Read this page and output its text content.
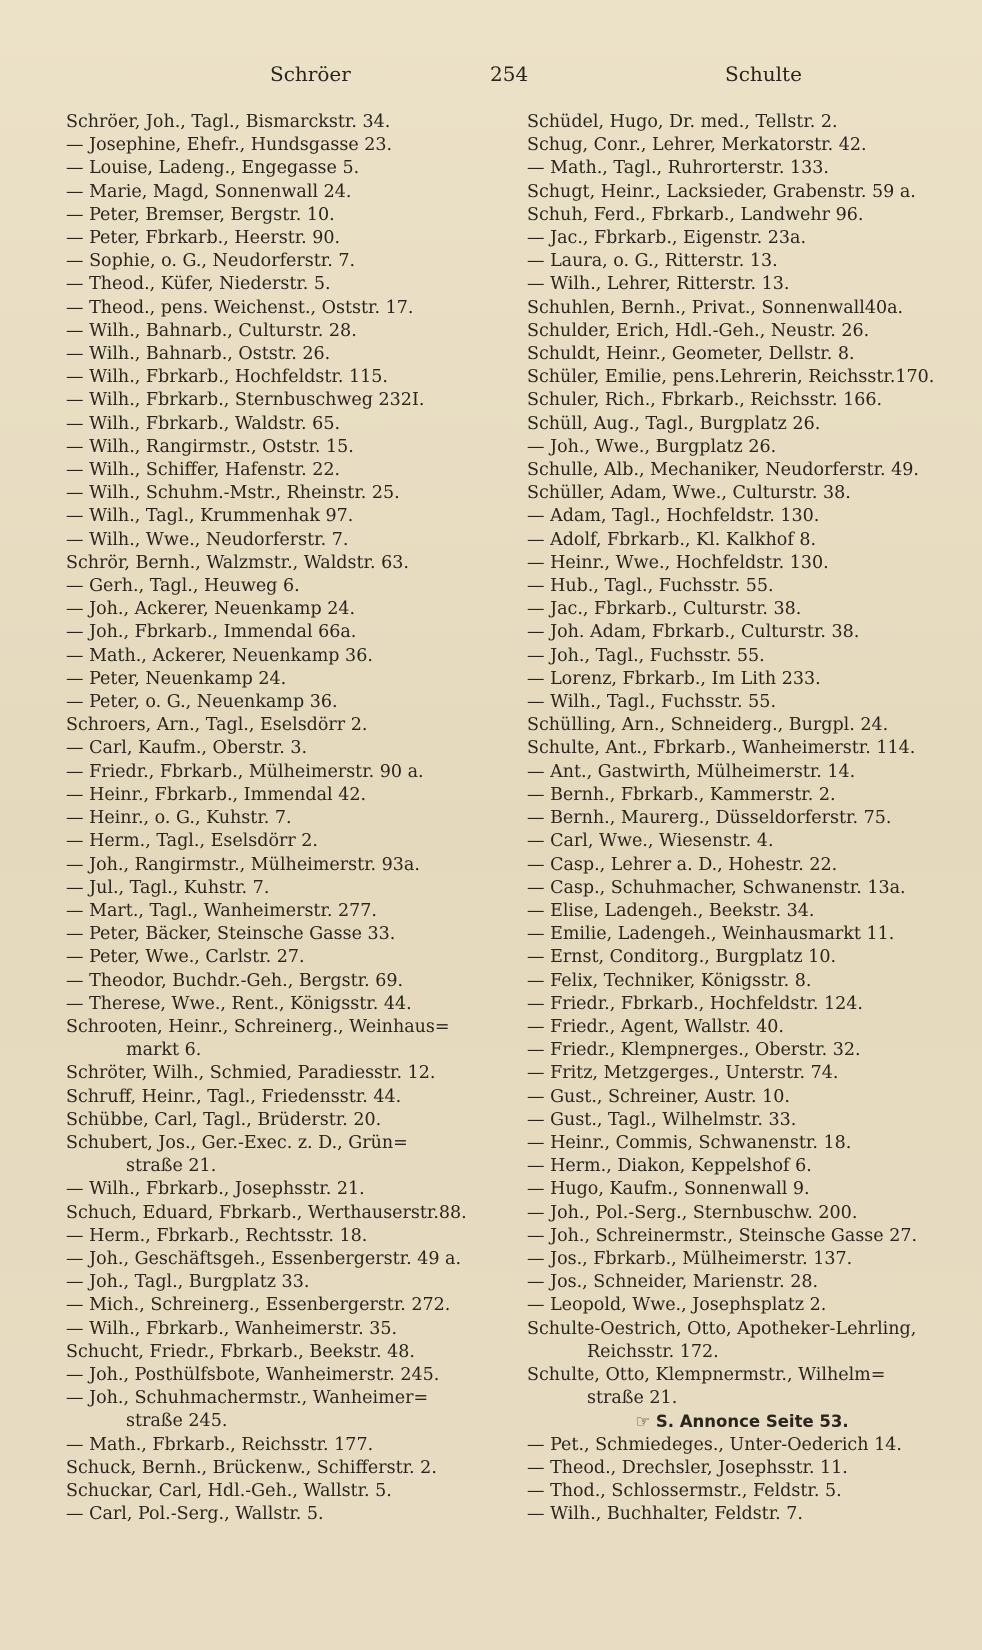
Schröer	254	Schulte
Schröer, Joh., Tagl., Bismarckstr. 34.
— Josephine, Ehefr., Hundsgasse 23.
— Louise, Ladeng., Engegasse 5.
— Marie, Magd, Sonnenwall 24.
— Peter, Bremser, Bergstr. 10.
— Peter, Fbrkarb., Heerstr. 90.
— Sophie, o. G., Neudorferstr. 7.
— Theod., Küfer, Niederstr. 5.
— Theod., pens. Weichenst., Oststr. 17.
— Wilh., Bahnarb., Culturstr. 28.
— Wilh., Bahnarb., Oststr. 26.
— Wilh., Fbrkarb., Hochfeldstr. 115.
— Wilh., Fbrkarb., Sternbuschweg 232I.
— Wilh., Fbrkarb., Waldstr. 65.
— Wilh., Rangirmstr., Oststr. 15.
— Wilh., Schiffer, Hafenstr. 22.
— Wilh., Schuhm.-Mstr., Rheinstr. 25.
— Wilh., Tagl., Krummenhak 97.
— Wilh., Wwe., Neudorferstr. 7.
Schrör, Bernh., Walzmstr., Waldstr. 63.
— Gerh., Tagl., Heuweg 6.
— Joh., Ackerer, Neuenkamp 24.
— Joh., Fbrkarb., Immendal 66a.
— Math., Ackerer, Neuenkamp 36.
— Peter, Neuenkamp 24.
— Peter, o. G., Neuenkamp 36.
Schroers, Arn., Tagl., Eselsdörr 2.
— Carl, Kaufm., Oberstr. 3.
— Friedr., Fbrkarb., Mülheimerstr. 90 a.
— Heinr., Fbrkarb., Immendal 42.
— Heinr., o. G., Kuhstr. 7.
— Herm., Tagl., Eselsdörr 2.
— Joh., Rangirmstr., Mülheimerstr. 93a.
— Jul., Tagl., Kuhstr. 7.
— Mart., Tagl., Wanheimerstr. 277.
— Peter, Bäcker, Steinsche Gasse 33.
— Peter, Wwe., Carlstr. 27.
— Theodor, Buchdr.-Geh., Bergstr. 69.
— Therese, Wwe., Rent., Königsstr. 44.
Schrooten, Heinr., Schreinerg., Weinhaus=
markt 6.
Schröter, Wilh., Schmied, Paradiesstr. 12.
Schruff, Heinr., Tagl., Friedensstr. 44.
Schübbe, Carl, Tagl., Brüderstr. 20.
Schubert, Jos., Ger.-Exec. z. D., Grün=
straße 21.
— Wilh., Fbrkarb., Josephsstr. 21.
Schuch, Eduard, Fbrkarb., Werthauserstr.88.
— Herm., Fbrkarb., Rechtsstr. 18.
— Joh., Geschäftsgeh., Essenbergerstr. 49 a.
— Joh., Tagl., Burgplatz 33.
— Mich., Schreinerg., Essenbergerstr. 272.
— Wilh., Fbrkarb., Wanheimerstr. 35.
Schucht, Friedr., Fbrkarb., Beekstr. 48.
— Joh., Posthülfsbote, Wanheimerstr. 245.
— Joh., Schuhmachermstr., Wanheimer=
straße 245.
— Math., Fbrkarb., Reichsstr. 177.
Schuck, Bernh., Brückenw., Schifferstr. 2.
Schuckar, Carl, Hdl.-Geh., Wallstr. 5.
— Carl, Pol.-Serg., Wallstr. 5.
Schüdel, Hugo, Dr. med., Tellstr. 2.
Schug, Conr., Lehrer, Merkatorstr. 42.
— Math., Tagl., Ruhrorterstr. 133.
Schugt, Heinr., Lacksieder, Grabenstr. 59 a.
Schuh, Ferd., Fbrkarb., Landwehr 96.
— Jac., Fbrkarb., Eigenstr. 23a.
— Laura, o. G., Ritterstr. 13.
— Wilh., Lehrer, Ritterstr. 13.
Schuhlen, Bernh., Privat., Sonnenwall40a.
Schulder, Erich, Hdl.-Geh., Neustr. 26.
Schuldt, Heinr., Geometer, Dellstr. 8.
Schüler, Emilie, pens.Lehrerin, Reichsstr.170.
Schuler, Rich., Fbrkarb., Reichsstr. 166.
Schüll, Aug., Tagl., Burgplatz 26.
— Joh., Wwe., Burgplatz 26.
Schulle, Alb., Mechaniker, Neudorferstr. 49.
Schüller, Adam, Wwe., Culturstr. 38.
— Adam, Tagl., Hochfeldstr. 130.
— Adolf, Fbrkarb., Kl. Kalkhof 8.
— Heinr., Wwe., Hochfeldstr. 130.
— Hub., Tagl., Fuchsstr. 55.
— Jac., Fbrkarb., Culturstr. 38.
— Joh. Adam, Fbrkarb., Culturstr. 38.
— Joh., Tagl., Fuchsstr. 55.
— Lorenz, Fbrkarb., Im Lith 233.
— Wilh., Tagl., Fuchsstr. 55.
Schülling, Arn., Schneiderg., Burgpl. 24.
Schulte, Ant., Fbrkarb., Wanheimerstr. 114.
— Ant., Gastwirth, Mülheimerstr. 14.
— Bernh., Fbrkarb., Kammerstr. 2.
— Bernh., Maurerg., Düsseldorferstr. 75.
— Carl, Wwe., Wiesenstr. 4.
— Casp., Lehrer a. D., Hohestr. 22.
— Casp., Schuhmacher, Schwanenstr. 13a.
— Elise, Ladengeh., Beekstr. 34.
— Emilie, Ladengeh., Weinhausmarkt 11.
— Ernst, Conditorg., Burgplatz 10.
— Felix, Techniker, Königsstr. 8.
— Friedr., Fbrkarb., Hochfeldstr. 124.
— Friedr., Agent, Wallstr. 40.
— Friedr., Klempnerges., Oberstr. 32.
— Fritz, Metzgerges., Unterstr. 74.
— Gust., Schreiner, Austr. 10.
— Gust., Tagl., Wilhelmstr. 33.
— Heinr., Commis, Schwanenstr. 18.
— Herm., Diakon, Keppelshof 6.
— Hugo, Kaufm., Sonnenwall 9.
— Joh., Pol.-Serg., Sternbuschw. 200.
— Joh., Schreinermstr., Steinsche Gasse 27.
— Jos., Fbrkarb., Mülheimerstr. 137.
— Jos., Schneider, Marienstr. 28.
— Leopold, Wwe., Josephsplatz 2.
Schulte-Oestrich, Otto, Apotheker-Lehrling,
Reichsstr. 172.
Schulte, Otto, Klempnermstr., Wilhelm=
straße 21.
☞ S. Annonce Seite 53.
— Pet., Schmiedeges., Unter-Oederich 14.
— Theod., Drechsler, Josephsstr. 11.
— Thod., Schlossermstr., Feldstr. 5.
— Wilh., Buchhalter, Feldstr. 7.
